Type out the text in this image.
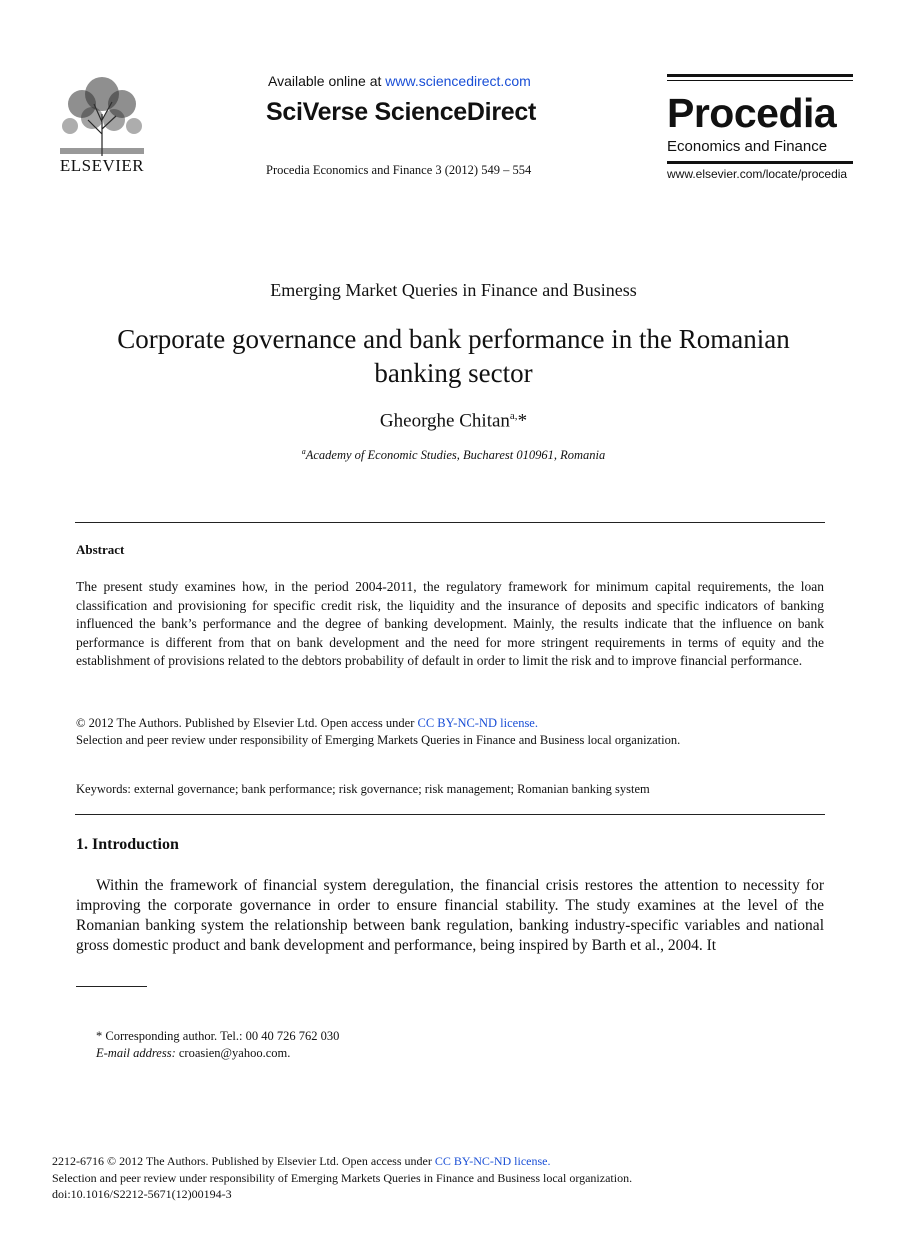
ELSEVIER
Available online at www.sciencedirect.com
SciVerse ScienceDirect
Procedia Economics and Finance 3 (2012) 549 – 554
Procedia
Economics and Finance
www.elsevier.com/locate/procedia
Emerging Market Queries in Finance and Business
Corporate governance and bank performance in the Romanian
banking sector
Gheorghe Chitan$^{a,}$*
$^a$Academy of Economic Studies, Bucharest 010961, Romania
Abstract
The present study examines how, in the period 2004-2011, the regulatory framework for minimum capital requirements, the loan classification and provisioning for specific credit risk, the liquidity and the insurance of deposits and specific indicators of banking influenced the bank’s performance and the degree of banking development. Mainly, the results indicate that the influence on bank performance is different from that on bank development and the need for more stringent requirements in terms of equity and the establishment of provisions related to the debtors probability of default in order to limit the risk and to improve financial performance.
© 2012 The Authors. Published by Elsevier Ltd. Open access under CC BY-NC-ND license.
Selection and peer review under responsibility of Emerging Markets Queries in Finance and Business local organization.
Keywords: external governance; bank performance; risk governance; risk management; Romanian banking system
1. Introduction
Within the framework of financial system deregulation, the financial crisis restores the attention to necessity for improving the corporate governance in order to ensure financial stability. The study examines at the level of the Romanian banking system the relationship between bank regulation, banking industry-specific variables and national gross domestic product and bank development and performance, being inspired by Barth et al., 2004. It
* Corresponding author. Tel.: 00 40 726 762 030
E-mail address: croasien@yahoo.com.
2212-6716 © 2012 The Authors. Published by Elsevier Ltd. Open access under CC BY-NC-ND license.
Selection and peer review under responsibility of Emerging Markets Queries in Finance and Business local organization.
doi:10.1016/S2212-5671(12)00194-3
